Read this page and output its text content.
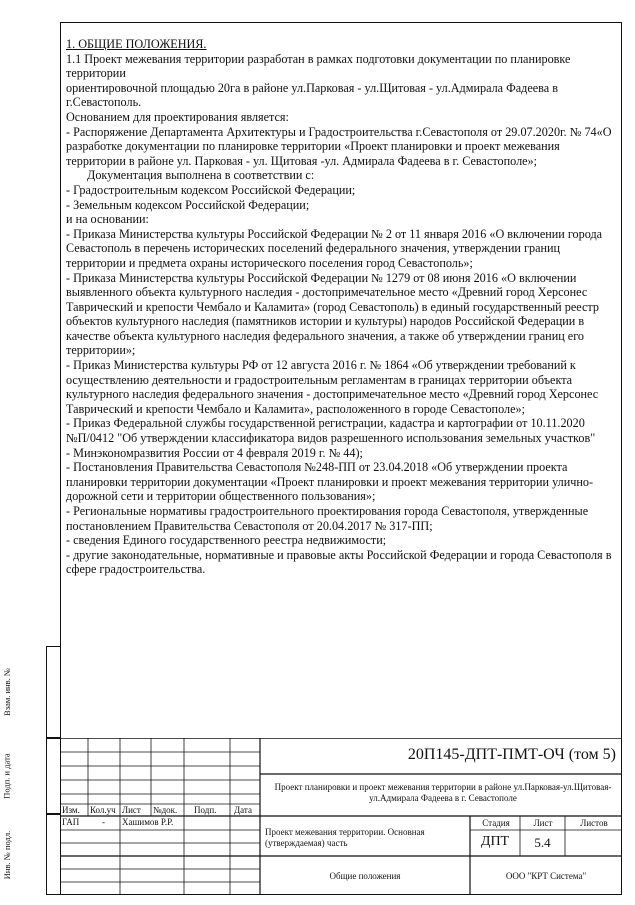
1. ОБЩИЕ ПОЛОЖЕНИЯ.

1.1 Проект межевания территории разработан в рамках подготовки документации по планировке территории

ориентировочной площадью 20га в районе ул.Парковая - ул.Щитовая - ул.Адмирала Фадеева в г.Севастополь.

Основанием для проектирования является:

- Распоряжение Департамента Архитектуры и Градостроительства г.Севастополя от 29.07.2020г. № 74«О разработке документации по планировке территории «Проект планировки и проект межевания территории в районе ул. Парковая - ул. Щитовая -ул. Адмирала Фадеева в г. Севастополе»;

Документация выполнена в соответствии с:

- Градостроительным кодексом Российской Федерации;

- Земельным кодексом Российской Федерации;

и на основании:

- Приказа Министерства культуры Российской Федерации № 2 от 11 января 2016 «О включении города Севастополь в перечень исторических поселений федерального значения, утверждении границ территории и предмета охраны исторического поселения город Севастополь»;

- Приказа Министерства культуры Российской Федерации № 1279 от 08 июня 2016 «О включении выявленного объекта культурного наследия - достопримечательное место «Древний город Херсонес Таврический и крепости Чембало и Каламита» (город Севастополь) в единый государственный реестр объектов культурного наследия (памятников истории и культуры) народов Российской Федерации в качестве объекта культурного наследия федерального значения, а также об утверждении границ его территории»;

- Приказ Министерства культуры РФ от 12 августа 2016 г. № 1864 «Об утверждении требований к осуществлению деятельности и градостроительным регламентам в границах территории объекта культурного наследия федерального значения - достопримечательное место «Древний город Херсонес Таврический и крепости Чембало и Каламита», расположенного в городе Севастополе»;

- Приказ Федеральной службы государственной регистрации, кадастра и картографии от 10.11.2020 №П/0412 "Об утверждении классификатора видов разрешенного использования земельных участков"

- Минэкономразвития России от 4 февраля 2019 г. № 44);

- Постановления Правительства Севастополя №248-ПП от 23.04.2018 «Об утверждении проекта планировки территории документации «Проект планировки и проект межевания территории улично-дорожной сети и территории общественного пользования»;

- Региональные нормативы градостроительного проектирования города Севастополя, утвержденные постановлением Правительства Севастополя от 20.04.2017 № 317-ПП;

- сведения Единого государственного реестра недвижимости;

- другие законодательные, нормативные и правовые акты Российской Федерации и города Севастополя в сфере градостроительства.

Взам. инв. №
Подп. и дата
Инв. № подл.
20П145-ДПТ-ПМТ-ОЧ (том 5)
Проект планировки и проект межевания территории в районе ул.Парковая-ул.Щитовая-ул.Адмирала Фадеева в г. Севастополе
Изм. Кол.уч Лист №док. Подп. Дата
ГАП	- Хашимов Р.Р.
Проект межевания территории. Основная (утверждаемая) часть
Стадия	Лист	Листов
ДПТ	5.4
Общие положения	ООО "КРТ Система"
